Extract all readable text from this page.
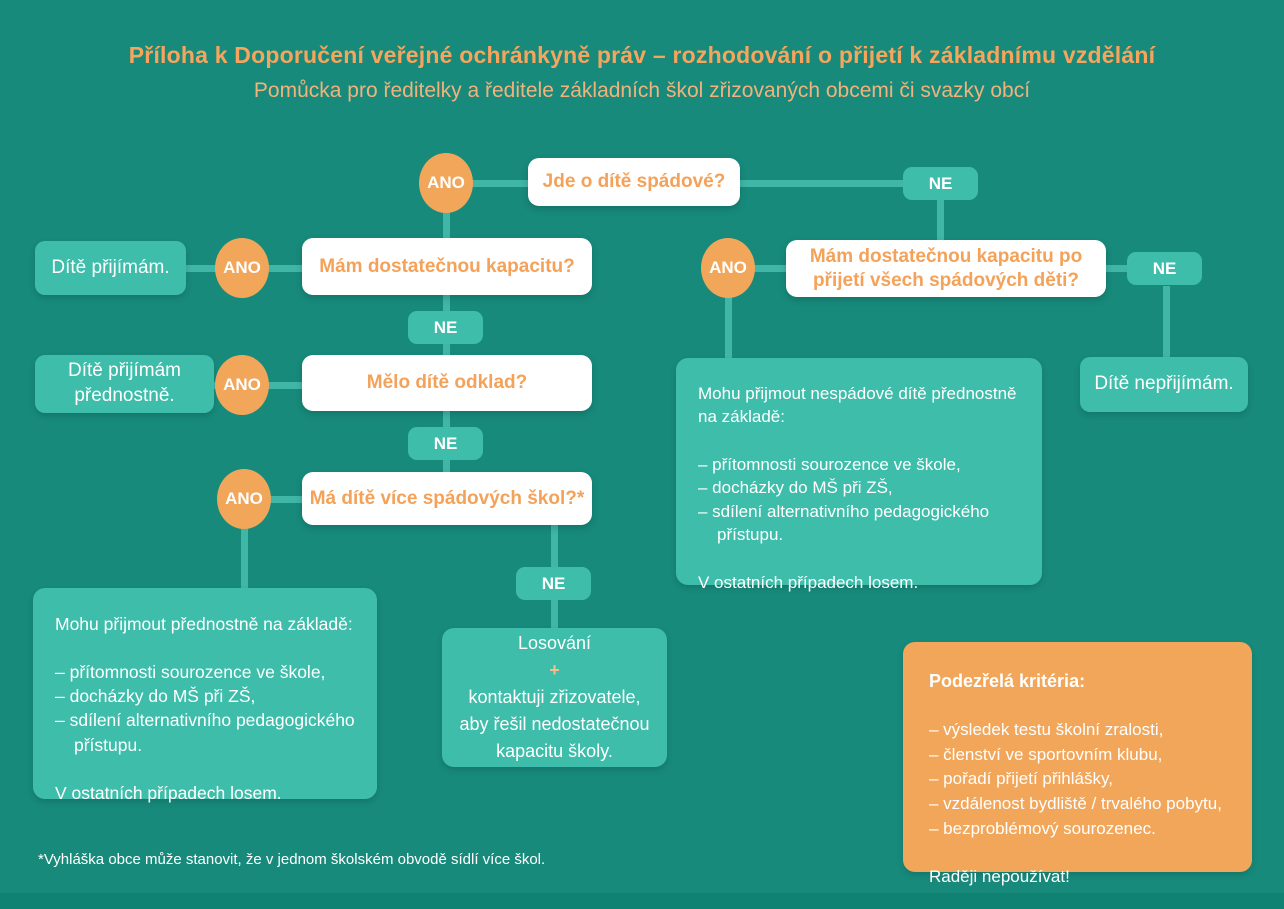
Příloha k Doporučení veřejné ochránkyně práv – rozhodování o přijetí k základnímu vzdělání
Pomůcka pro ředitelky a ředitele základních škol zřizovaných obcemi či svazky obcí
ANO	Jde o dítě spádové?	NE
Dítě přijímám.	ANO	Mám dostatečnou kapacitu?
NE
ANO
Mám dostatečnou kapacitu po přijetí všech spádových děti?
NE
Dítě nepřijímám.
Dítě přijímám přednostně.
ANO	Mělo dítě odklad?
NE
ANO	Má dítě více spádových škol?*
NE
Mohu přijmout přednostně na základě:
– přítomnosti sourozence ve škole,
– docházky do MŠ při ZŠ,
– sdílení alternativního pedagogického přístupu.
V ostatních případech losem.
Losování
+
kontaktuji zřizovatele, aby řešil nedostatečnou kapacitu školy.
Mohu přijmout nespádové dítě přednostně na základě:
– přítomnosti sourozence ve škole,
– docházky do MŠ při ZŠ,
– sdílení alternativního pedagogického přístupu.
V ostatních případech losem.
Podezřelá kritéria:
– výsledek testu školní zralosti,
– členství ve sportovním klubu,
– pořadí přijetí přihlášky,
– vzdálenost bydliště / trvalého pobytu,
– bezproblémový sourozenec.
Raději nepoužívat!
*Vyhláška obce může stanovit, že v jednom školském obvodě sídlí více škol.
